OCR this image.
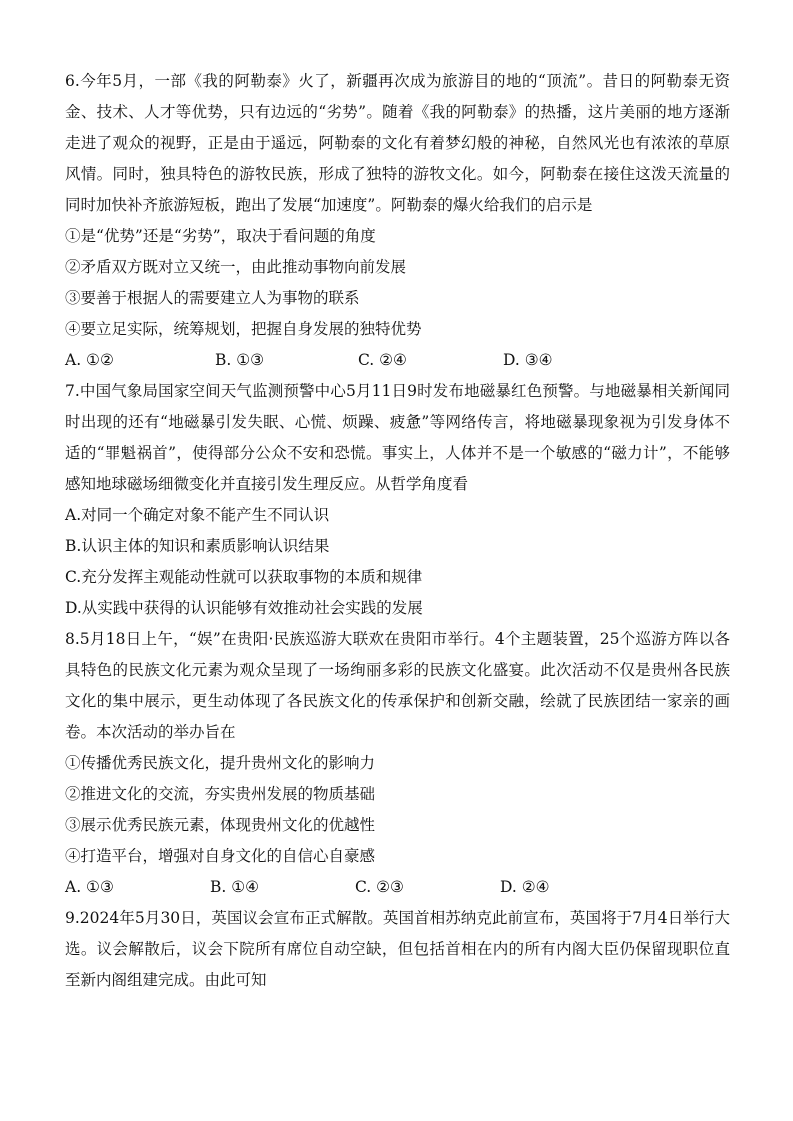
6.今年5月，一部《我的阿勒泰》火了，新疆再次成为旅游目的地的“顶流”。昔日的阿勒泰无资金、技术、人才等优势，只有边远的“劣势”。随着《我的阿勒泰》的热播，这片美丽的地方逐渐走进了观众的视野，正是由于遥远，阿勒泰的文化有着梦幻般的神秘，自然风光也有浓浓的草原风情。同时，独具特色的游牧民族，形成了独特的游牧文化。如今，阿勒泰在接住这泼天流量的同时加快补齐旅游短板，跑出了发展“加速度”。阿勒泰的爆火给我们的启示是

①是“优势”还是“劣势”，取决于看问题的角度

②矛盾双方既对立又统一，由此推动事物向前发展

③要善于根据人的需要建立人为事物的联系

④要立足实际，统筹规划，把握自身发展的独特优势

A. ①②	B. ①③	C. ②④	D. ③④

7.中国气象局国家空间天气监测预警中心5月11日9时发布地磁暴红色预警。与地磁暴相关新闻同时出现的还有“地磁暴引发失眠、心慌、烦躁、疲惫”等网络传言，将地磁暴现象视为引发身体不适的“罪魁祸首”，使得部分公众不安和恐慌。事实上，人体并不是一个敏感的“磁力计”，不能够感知地球磁场细微变化并直接引发生理反应。从哲学角度看

A.对同一个确定对象不能产生不同认识

B.认识主体的知识和素质影响认识结果

C.充分发挥主观能动性就可以获取事物的本质和规律

D.从实践中获得的认识能够有效推动社会实践的发展

8.5月18日上午，“娱”在贵阳·民族巡游大联欢在贵阳市举行。4个主题装置，25个巡游方阵以各具特色的民族文化元素为观众呈现了一场绚丽多彩的民族文化盛宴。此次活动不仅是贵州各民族文化的集中展示，更生动体现了各民族文化的传承保护和创新交融，绘就了民族团结一家亲的画卷。本次活动的举办旨在

①传播优秀民族文化，提升贵州文化的影响力

②推进文化的交流，夯实贵州发展的物质基础

③展示优秀民族元素，体现贵州文化的优越性

④打造平台，增强对自身文化的自信心自豪感

A. ①③	B. ①④	C. ②③	D. ②④

9.2024年5月30日，英国议会宣布正式解散。英国首相苏纳克此前宣布，英国将于7月4日举行大选。议会解散后，议会下院所有席位自动空缺，但包括首相在内的所有内阁大臣仍保留现职位直至新内阁组建完成。由此可知
